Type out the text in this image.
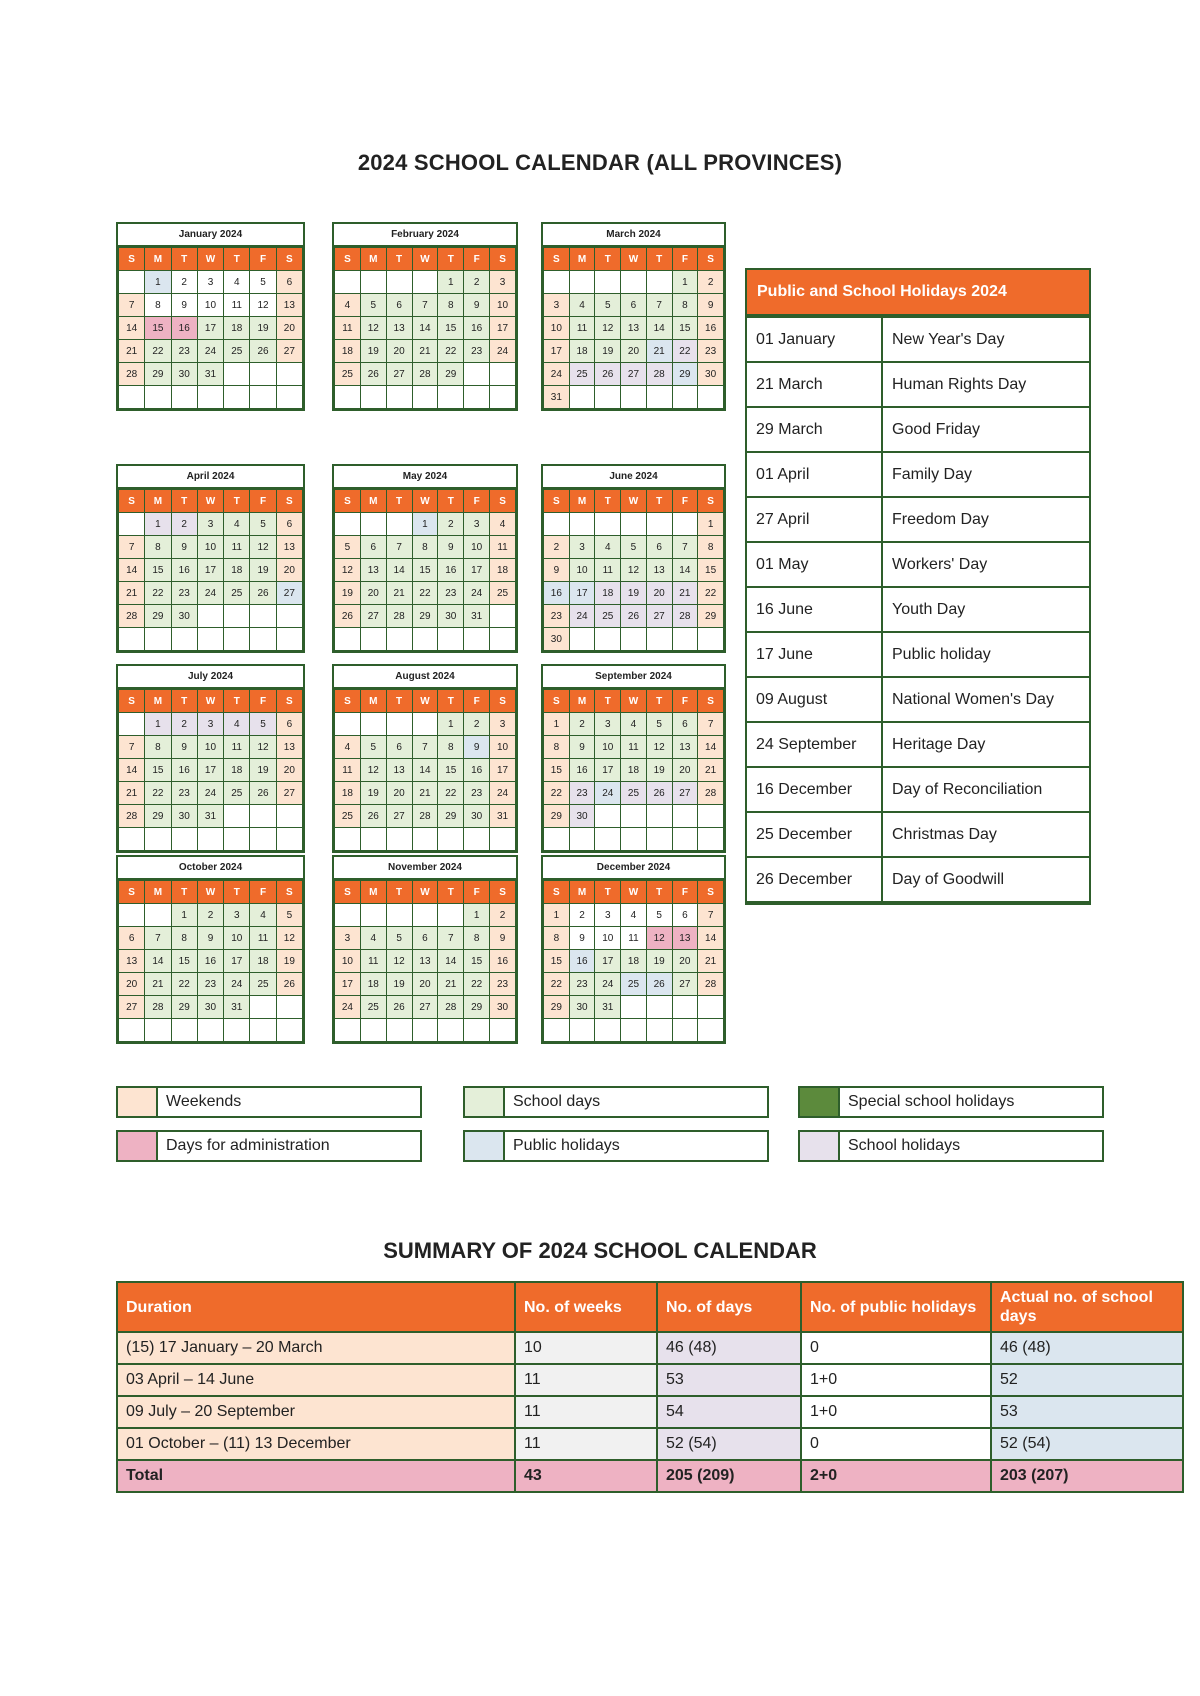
2024 SCHOOL CALENDAR (ALL PROVINCES)
January 2024
S	M	T	W	T	F	S
	1	2	3	4	5	6
7	8	9	10	11	12	13
14	15	16	17	18	19	20
21	22	23	24	25	26	27
28	29	30	31			

February 2024
S	M	T	W	T	F	S
				1	2	3
4	5	6	7	8	9	10
11	12	13	14	15	16	17
18	19	20	21	22	23	24
25	26	27	28	29		

March 2024
S	M	T	W	T	F	S
					1	2
3	4	5	6	7	8	9
10	11	12	13	14	15	16
17	18	19	20	21	22	23
24	25	26	27	28	29	30
31						
April 2024
S	M	T	W	T	F	S
	1	2	3	4	5	6
7	8	9	10	11	12	13
14	15	16	17	18	19	20
21	22	23	24	25	26	27
28	29	30				

May 2024
S	M	T	W	T	F	S
			1	2	3	4
5	6	7	8	9	10	11
12	13	14	15	16	17	18
19	20	21	22	23	24	25
26	27	28	29	30	31	

June 2024
S	M	T	W	T	F	S
						1
2	3	4	5	6	7	8
9	10	11	12	13	14	15
16	17	18	19	20	21	22
23	24	25	26	27	28	29
30						
July 2024
S	M	T	W	T	F	S
	1	2	3	4	5	6
7	8	9	10	11	12	13
14	15	16	17	18	19	20
21	22	23	24	25	26	27
28	29	30	31			

August 2024
S	M	T	W	T	F	S
				1	2	3
4	5	6	7	8	9	10
11	12	13	14	15	16	17
18	19	20	21	22	23	24
25	26	27	28	29	30	31

September 2024
S	M	T	W	T	F	S
1	2	3	4	5	6	7
8	9	10	11	12	13	14
15	16	17	18	19	20	21
22	23	24	25	26	27	28
29	30					

October 2024
S	M	T	W	T	F	S
		1	2	3	4	5
6	7	8	9	10	11	12
13	14	15	16	17	18	19
20	21	22	23	24	25	26
27	28	29	30	31		

November 2024
S	M	T	W	T	F	S
					1	2
3	4	5	6	7	8	9
10	11	12	13	14	15	16
17	18	19	20	21	22	23
24	25	26	27	28	29	30

December 2024
S	M	T	W	T	F	S
1	2	3	4	5	6	7
8	9	10	11	12	13	14
15	16	17	18	19	20	21
22	23	24	25	26	27	28
29	30	31				

Public and School Holidays 2024
01 January	New Year's Day
21 March	Human Rights Day
29 March	Good Friday
01 April	Family Day
27 April	Freedom Day
01 May	Workers' Day
16 June	Youth Day
17 June	Public holiday
09 August	National Women's Day
24 September	Heritage Day
16 December	Day of Reconciliation
25 December	Christmas Day
26 December	Day of Goodwill
Weekends	School days	Special school holidays
Days for administration	Public holidays	School holidays
SUMMARY OF 2024 SCHOOL CALENDAR
Duration	No. of weeks	No. of days	No. of public holidays	Actual no. of school days
(15) 17 January – 20 March	10	46 (48)	0	46 (48)
03 April – 14 June	11	53	1+0	52
09 July – 20 September	11	54	1+0	53
01 October – (11) 13 December	11	52 (54)	0	52 (54)
Total	43	205 (209)	2+0	203 (207)
